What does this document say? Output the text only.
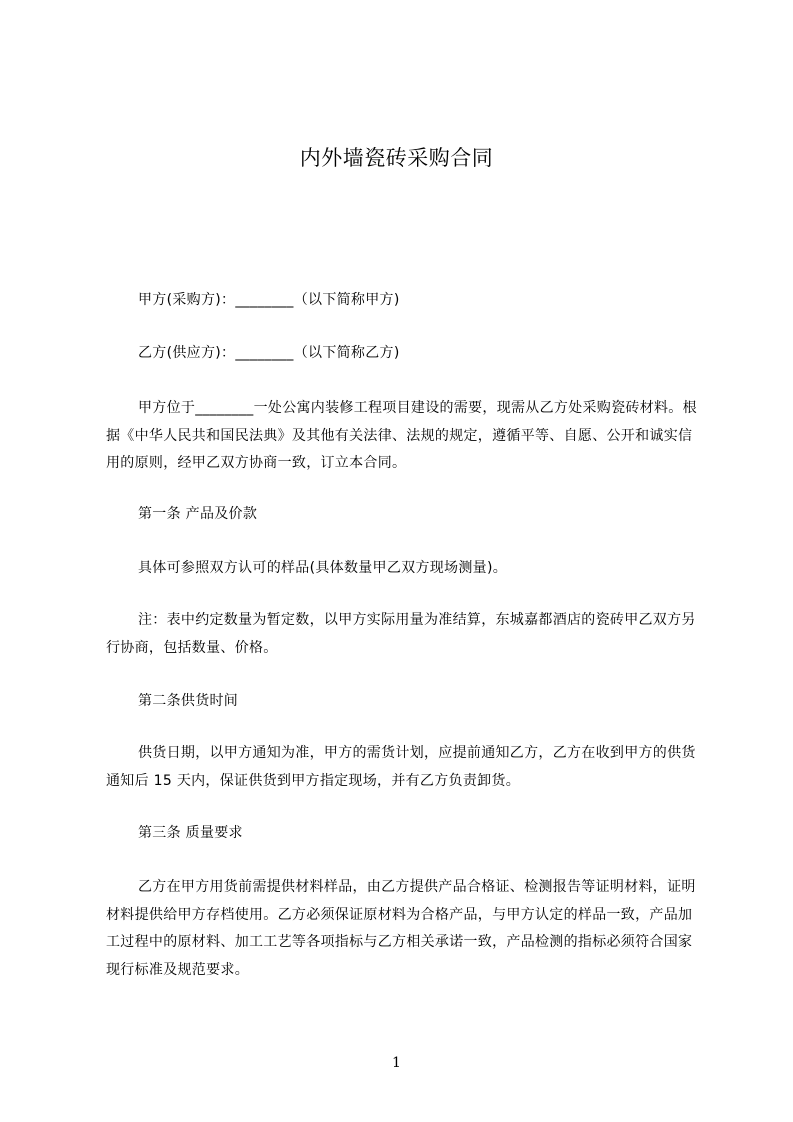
内外墙瓷砖采购合同
甲方(采购方)：________（以下简称甲方)
乙方(供应方)：________（以下简称乙方)
甲方位于________一处公寓内装修工程项目建设的需要，现需从乙方处采购瓷砖材料。根据《中华人民共和国民法典》及其他有关法律、法规的规定，遵循平等、自愿、公开和诚实信用的原则，经甲乙双方协商一致，订立本合同。
第一条 产品及价款
具体可参照双方认可的样品(具体数量甲乙双方现场测量)。
注：表中约定数量为暂定数，以甲方实际用量为准结算，东城嘉都酒店的瓷砖甲乙双方另行协商，包括数量、价格。
第二条供货时间
供货日期，以甲方通知为准，甲方的需货计划，应提前通知乙方，乙方在收到甲方的供货通知后 15 天内，保证供货到甲方指定现场，并有乙方负责卸货。
第三条 质量要求
乙方在甲方用货前需提供材料样品，由乙方提供产品合格证、检测报告等证明材料，证明材料提供给甲方存档使用。乙方必须保证原材料为合格产品，与甲方认定的样品一致，产品加工过程中的原材料、加工工艺等各项指标与乙方相关承诺一致，产品检测的指标必须符合国家现行标准及规范要求。
1
